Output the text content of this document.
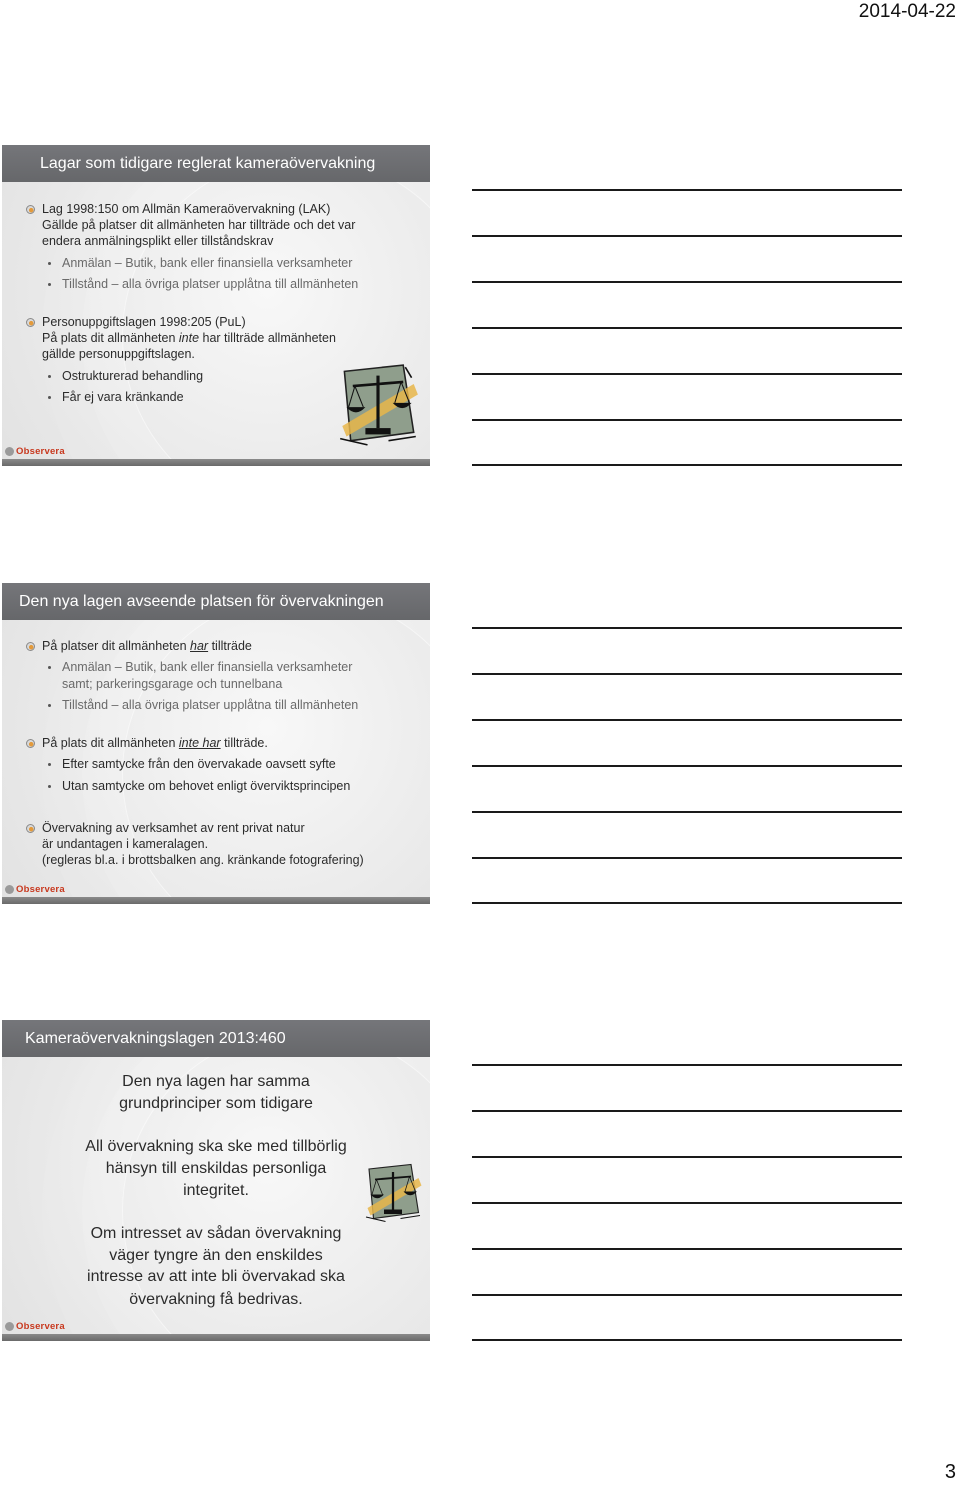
2014-04-22
Lagar som tidigare reglerat kameraövervakning
Lag 1998:150 om Allmän Kameraövervakning (LAK)
Gällde på platser dit allmänheten har tillträde och det var
endera anmälningsplikt eller tillståndskrav
Anmälan – Butik, bank eller finansiella verksamheter
Tillstånd – alla övriga platser upplåtna till allmänheten
Personuppgiftslagen 1998:205 (PuL)
På plats dit allmänheten inte har tillträde allmänheten
gällde personuppgiftslagen.
Ostrukturerad behandling
Får ej vara kränkande
Observera
Den nya lagen avseende platsen för övervakningen
På platser dit allmänheten har tillträde
Anmälan – Butik, bank eller finansiella verksamheter
samt; parkeringsgarage och tunnelbana
Tillstånd – alla övriga platser upplåtna till allmänheten
På plats dit allmänheten inte har tillträde.
Efter samtycke från den övervakade oavsett syfte
Utan samtycke om behovet enligt överviktsprincipen
Övervakning av verksamhet av rent privat natur
är undantagen i kameralagen.
(regleras bl.a. i brottsbalken ang. kränkande fotografering)
Observera
Kameraövervakningslagen 2013:460
Den nya lagen har samma
grundprinciper som tidigare
All övervakning ska ske med tillbörlig
hänsyn till enskildas personliga
integritet.
Om intresset av sådan övervakning
väger tyngre än den enskildes
intresse av att inte bli övervakad ska
övervakning få bedrivas.
Observera
3
